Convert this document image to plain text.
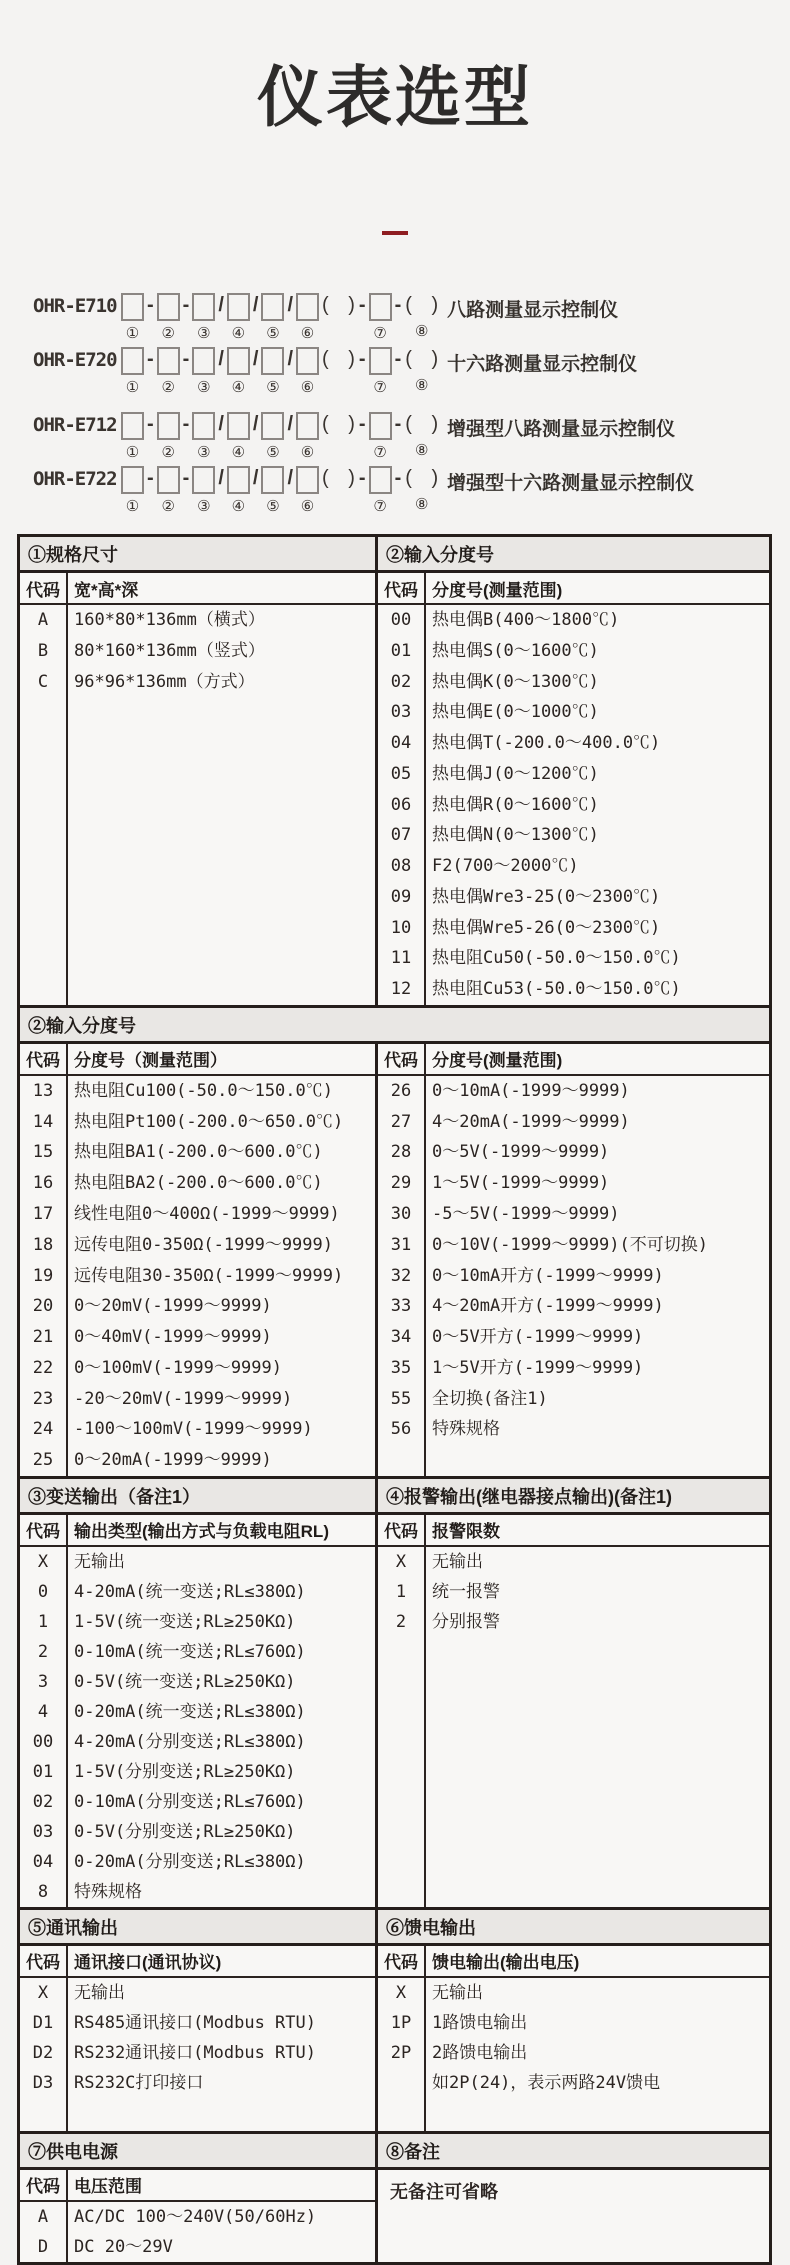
仪表选型
OHR-E710
①
-
②
-
③
/
④
/
⑤
/
⑥
( ) -
⑦
- ( )
⑧
八路测量显示控制仪
OHR-E720
①
-
②
-
③
/
④
/
⑤
/
⑥
( ) -
⑦
- ( )
⑧
十六路测量显示控制仪
OHR-E712
①
-
②
-
③
/
④
/
⑤
/
⑥
( ) -
⑦
- ( )
⑧
增强型八路测量显示控制仪
OHR-E722
①
-
②
-
③
/
④
/
⑤
/
⑥
( ) -
⑦
- ( )
⑧
增强型十六路测量显示控制仪
①规格尺寸	②输入分度号
代码 宽*高*深
A	160*80*136mm（横式）
B	80*160*136mm（竖式）
C	96*96*136mm（方式）
代码 分度号(测量范围)
00	热电偶B(400～1800℃)
01	热电偶S(0～1600℃)
02	热电偶K(0～1300℃)
03	热电偶E(0～1000℃)
04	热电偶T(-200.0～400.0℃)
05	热电偶J(0～1200℃)
06	热电偶R(0～1600℃)
07	热电偶N(0～1300℃)
08	F2(700～2000℃)
09	热电偶Wre3-25(0～2300℃)
10	热电偶Wre5-26(0～2300℃)
11	热电阻Cu50(-50.0～150.0℃)
12	热电阻Cu53(-50.0～150.0℃)
②输入分度号
代码 分度号（测量范围）
13	热电阻Cu100(-50.0～150.0℃)
14	热电阻Pt100(-200.0～650.0℃)
15	热电阻BA1(-200.0～600.0℃)
16	热电阻BA2(-200.0～600.0℃)
17	线性电阻0～400Ω(-1999～9999)
18	远传电阻0-350Ω(-1999～9999)
19	远传电阻30-350Ω(-1999～9999)
20	0～20mV(-1999～9999)
21	0～40mV(-1999～9999)
22	0～100mV(-1999～9999)
23	-20～20mV(-1999～9999)
24	-100～100mV(-1999～9999)
25	0～20mA(-1999～9999)
代码 分度号(测量范围)
26	0～10mA(-1999～9999)
27	4～20mA(-1999～9999)
28	0～5V(-1999～9999)
29	1～5V(-1999～9999)
30	-5～5V(-1999～9999)
31	0～10V(-1999～9999)(不可切换)
32	0～10mA开方(-1999～9999)
33	4～20mA开方(-1999～9999)
34	0～5V开方(-1999～9999)
35	1～5V开方(-1999～9999)
55	全切换(备注1)
56	特殊规格
③变送输出（备注1）	④报警输出(继电器接点输出)(备注1)
代码 输出类型(输出方式与负载电阻RL)
X	无输出
0	4-20mA(统一变送;RL≤380Ω)
1	1-5V(统一变送;RL≥250KΩ)
2	0-10mA(统一变送;RL≤760Ω)
3	0-5V(统一变送;RL≥250KΩ)
4	0-20mA(统一变送;RL≤380Ω)
00	4-20mA(分别变送;RL≤380Ω)
01	1-5V(分别变送;RL≥250KΩ)
02	0-10mA(分别变送;RL≤760Ω)
03	0-5V(分别变送;RL≥250KΩ)
04	0-20mA(分别变送;RL≤380Ω)
8	特殊规格
代码 报警限数
X	无输出
1	统一报警
2	分别报警
⑤通讯输出	⑥馈电输出
代码 通讯接口(通讯协议)
X	无输出
D1	RS485通讯接口(Modbus RTU)
D2	RS232通讯接口(Modbus RTU)
D3	RS232C打印接口
代码 馈电输出(输出电压)
X	无输出
1P	1路馈电输出
2P	2路馈电输出
如2P(24)，表示两路24V馈电
⑦供电电源	⑧备注
代码 电压范围
A	AC/DC 100～240V(50/60Hz)
D	DC 20～29V
无备注可省略
